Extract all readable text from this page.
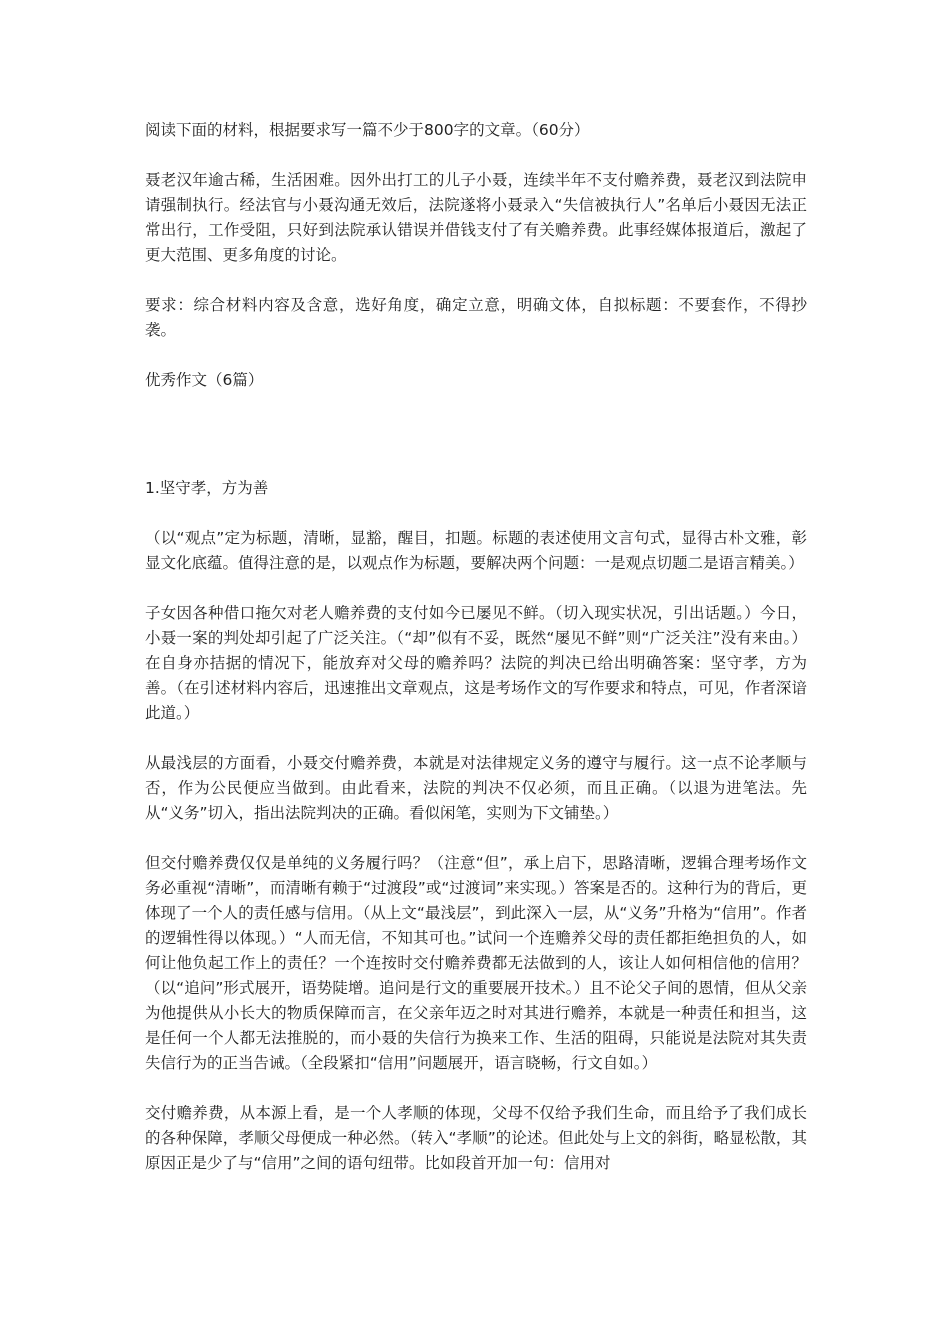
阅读下面的材料，根据要求写一篇不少于800字的文章。（60分）

聂老汉年逾古稀，生活困难。因外出打工的儿子小聂，连续半年不支付赡养费，聂老汉到法院申请强制执行。经法官与小聂沟通无效后，法院遂将小聂录入“失信被执行人”名单后小聂因无法正常出行，工作受阻，只好到法院承认错误并借钱支付了有关赡养费。此事经媒体报道后，激起了更大范围、更多角度的讨论。

要求：综合材料内容及含意，选好角度，确定立意，明确文体，自拟标题：不要套作，不得抄袭。

优秀作文（6篇）

1.坚守孝，方为善

（以“观点”定为标题，清晰，显豁，醒目，扣题。标题的表述使用文言句式，显得古朴文雅，彰显文化底蕴。值得注意的是，以观点作为标题，要解决两个问题：一是观点切题二是语言精美。）

子女因各种借口拖欠对老人赡养费的支付如今已屡见不鲜。（切入现实状况，引出话题。）今日，小聂一案的判处却引起了广泛关注。（“却”似有不妥，既然“屡见不鲜”则“广泛关注”没有来由。）在自身亦拮据的情况下，能放弃对父母的赡养吗？法院的判决已给出明确答案：坚守孝，方为善。（在引述材料内容后，迅速推出文章观点，这是考场作文的写作要求和特点，可见，作者深谙此道。）

从最浅层的方面看，小聂交付赡养费，本就是对法律规定义务的遵守与履行。这一点不论孝顺与否，作为公民便应当做到。由此看来，法院的判决不仅必须，而且正确。（以退为进笔法。先从“义务”切入，指出法院判决的正确。看似闲笔，实则为下文铺垫。）

但交付赡养费仅仅是单纯的义务履行吗？（注意“但”，承上启下，思路清晰，逻辑合理考场作文务必重视“清晰”，而清晰有赖于“过渡段”或“过渡词”来实现。）答案是否的。这种行为的背后，更体现了一个人的责任感与信用。（从上文“最浅层”，到此深入一层，从“义务”升格为“信用”。作者的逻辑性得以体现。）“人而无信，不知其可也。”试问一个连赡养父母的责任都拒绝担负的人，如何让他负起工作上的责任？一个连按时交付赡养费都无法做到的人，该让人如何相信他的信用？（以“追问”形式展开，语势陡增。追问是行文的重要展开技术。）且不论父子间的恩情，但从父亲为他提供从小长大的物质保障而言，在父亲年迈之时对其进行赡养，本就是一种责任和担当，这是任何一个人都无法推脱的，而小聂的失信行为换来工作、生活的阻碍，只能说是法院对其失责失信行为的正当告诫。（全段紧扣“信用”问题展开，语言晓畅，行文自如。）

交付赡养费，从本源上看，是一个人孝顺的体现，父母不仅给予我们生命，而且给予了我们成长的各种保障，孝顺父母便成一种必然。（转入“孝顺”的论述。但此处与上文的斜街，略显松散，其原因正是少了与“信用”之间的语句纽带。比如段首开加一句：信用对
